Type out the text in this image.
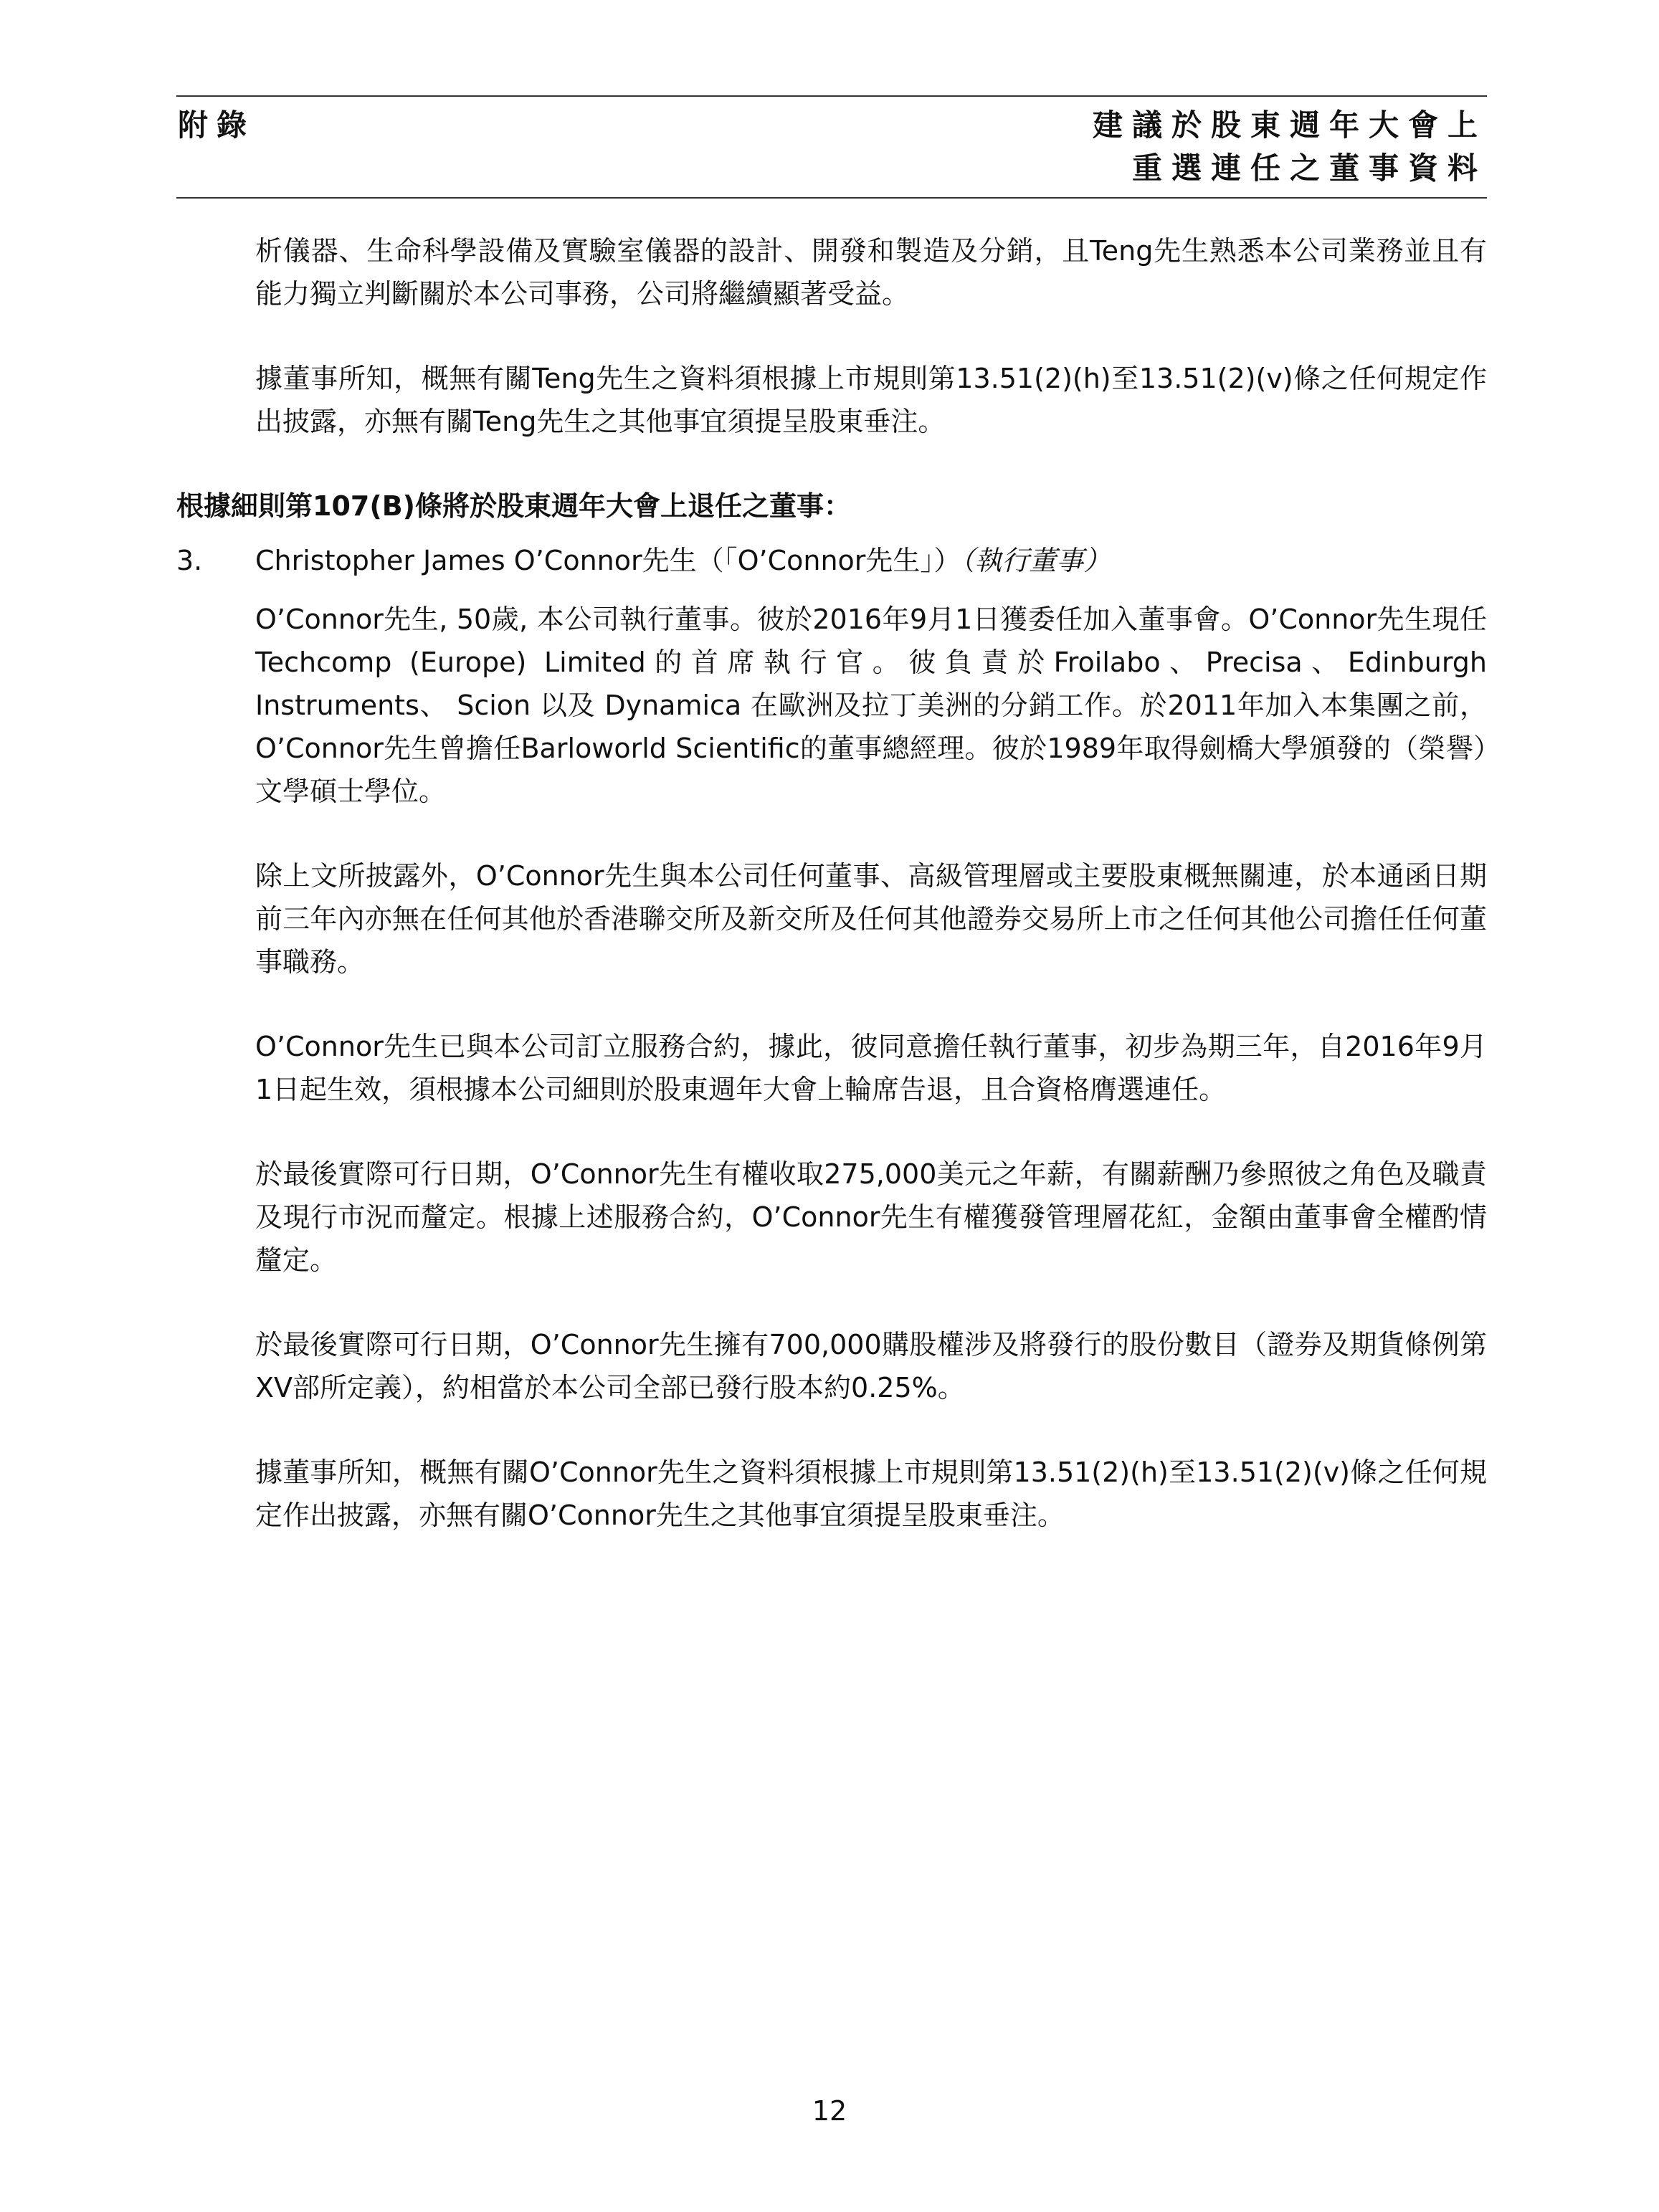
附錄	建議於股東週年大會上
重選連任之董事資料

析儀器、生命科學設備及實驗室儀器的設計、開發和製造及分銷，且Teng先生熟悉本公司業務並且有能力獨立判斷關於本公司事務，公司將繼續顯著受益。

據董事所知，概無有關Teng先生之資料須根據上市規則第13.51(2)(h)至13.51(2)(v)條之任何規定作出披露，亦無有關Teng先生之其他事宜須提呈股東垂注。

根據細則第107(B)條將於股東週年大會上退任之董事：
3.	Christopher James O’Connor先生（「O’Connor先生」）（執行董事）

O’Connor先生, 50歲, 本公司執行董事。彼於2016年9月1日獲委任加入董事會。O’Connor先生現任Techcomp (Europe) Limited的首席執行官。彼負責於Froilabo、Precisa、Edinburgh Instruments、 Scion 以及 Dynamica 在歐洲及拉丁美洲的分銷工作。於2011年加入本集團之前，O’Connor先生曾擔任Barloworld Scientific的董事總經理。彼於1989年取得劍橋大學頒發的（榮譽）文學碩士學位。

除上文所披露外，O’Connor先生與本公司任何董事、高級管理層或主要股東概無關連，於本通函日期前三年內亦無在任何其他於香港聯交所及新交所及任何其他證券交易所上市之任何其他公司擔任任何董事職務。

O’Connor先生已與本公司訂立服務合約，據此，彼同意擔任執行董事，初步為期三年，自2016年9月1日起生效，須根據本公司細則於股東週年大會上輪席告退，且合資格膺選連任。

於最後實際可行日期，O’Connor先生有權收取275,000美元之年薪，有關薪酬乃參照彼之角色及職責及現行市況而釐定。根據上述服務合約，O’Connor先生有權獲發管理層花紅，金額由董事會全權酌情釐定。

於最後實際可行日期，O’Connor先生擁有700,000購股權涉及將發行的股份數目（證券及期貨條例第XV部所定義），約相當於本公司全部已發行股本約0.25%。

據董事所知，概無有關O’Connor先生之資料須根據上市規則第13.51(2)(h)至13.51(2)(v)條之任何規定作出披露，亦無有關O’Connor先生之其他事宜須提呈股東垂注。

12
